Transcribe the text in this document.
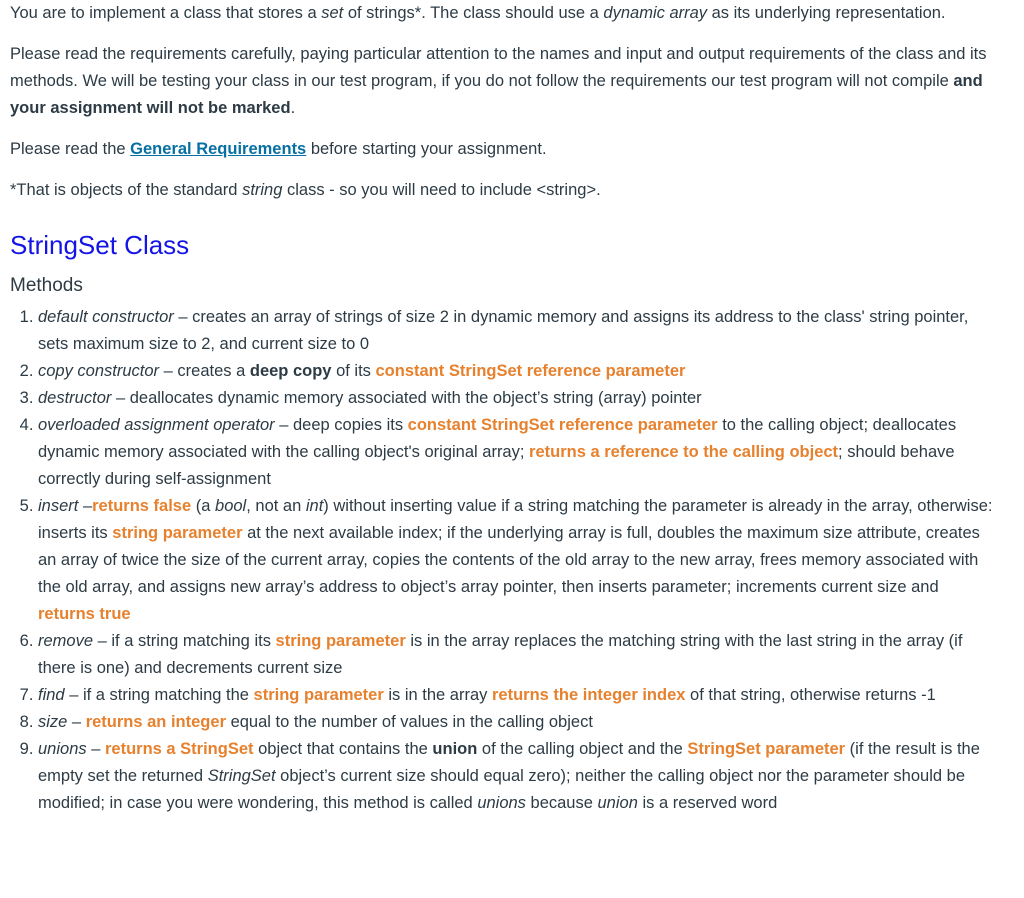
You are to implement a class that stores a set of strings*. The class should use a dynamic array as its underlying representation.

Please read the requirements carefully, paying particular attention to the names and input and output requirements of the class and its methods. We will be testing your class in our test program, if you do not follow the requirements our test program will not compile and your assignment will not be marked.

Please read the General Requirements before starting your assignment.

*That is objects of the standard string class - so you will need to include <string>.

StringSet Class
Methods
1. default constructor – creates an array of strings of size 2 in dynamic memory and assigns its address to the class' string pointer, sets maximum size to 2, and current size to 0
2. copy constructor – creates a deep copy of its constant StringSet reference parameter
3. destructor – deallocates dynamic memory associated with the object’s string (array) pointer
4. overloaded assignment operator – deep copies its constant StringSet reference parameter to the calling object; deallocates dynamic memory associated with the calling object's original array; returns a reference to the calling object; should behave correctly during self-assignment
5. insert –returns false (a bool, not an int) without inserting value if a string matching the parameter is already in the array, otherwise: inserts its string parameter at the next available index; if the underlying array is full, doubles the maximum size attribute, creates an array of twice the size of the current array, copies the contents of the old array to the new array, frees memory associated with the old array, and assigns new array’s address to object’s array pointer, then inserts parameter; increments current size and returns true
6. remove – if a string matching its string parameter is in the array replaces the matching string with the last string in the array (if there is one) and decrements current size
7. find – if a string matching the string parameter is in the array returns the integer index of that string, otherwise returns -1
8. size – returns an integer equal to the number of values in the calling object
9. unions – returns a StringSet object that contains the union of the calling object and the StringSet parameter (if the result is the empty set the returned StringSet object’s current size should equal zero); neither the calling object nor the parameter should be modified; in case you were wondering, this method is called unions because union is a reserved word
